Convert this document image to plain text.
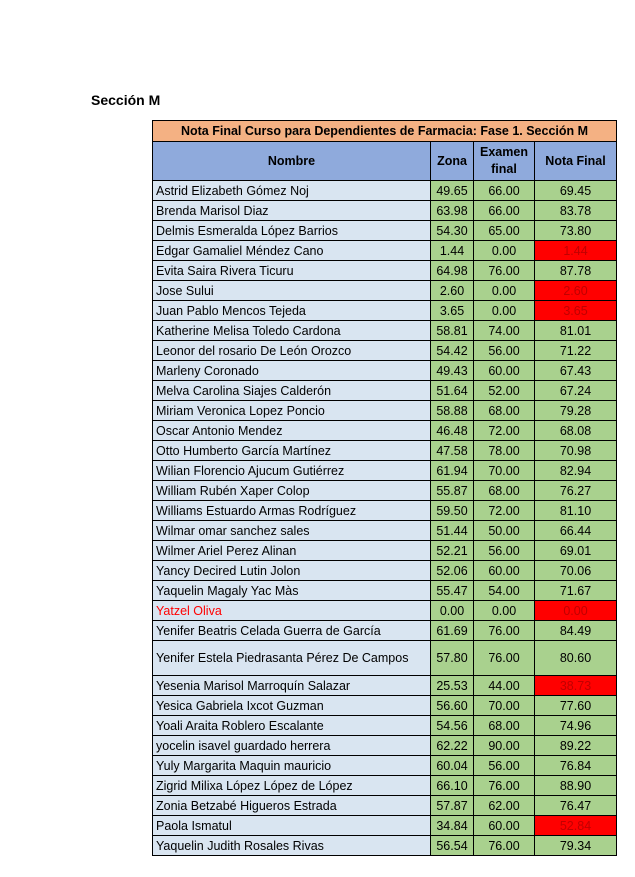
Sección M
Nota Final Curso para Dependientes de Farmacia: Fase 1. Sección M			
Nombre	Zona	Examen final	Nota Final
Astrid Elizabeth Gómez Noj	49.65	66.00	69.45
Brenda Marisol Diaz	63.98	66.00	83.78
Delmis Esmeralda López Barrios	54.30	65.00	73.80
Edgar Gamaliel Méndez Cano	1.44	0.00	1.44
Evita Saira Rivera Ticuru	64.98	76.00	87.78
Jose Sului	2.60	0.00	2.60
Juan Pablo Mencos Tejeda	3.65	0.00	3.65
Katherine Melisa Toledo Cardona	58.81	74.00	81.01
Leonor del rosario De León Orozco	54.42	56.00	71.22
Marleny Coronado	49.43	60.00	67.43
Melva Carolina Siajes Calderón	51.64	52.00	67.24
Miriam Veronica Lopez Poncio	58.88	68.00	79.28
Oscar Antonio Mendez	46.48	72.00	68.08
Otto Humberto García Martínez	47.58	78.00	70.98
Wilian Florencio Ajucum Gutiérrez	61.94	70.00	82.94
William Rubén Xaper Colop	55.87	68.00	76.27
Williams Estuardo Armas Rodríguez	59.50	72.00	81.10
Wilmar omar sanchez sales	51.44	50.00	66.44
Wilmer Ariel Perez Alinan	52.21	56.00	69.01
Yancy Decired Lutin Jolon	52.06	60.00	70.06
Yaquelin Magaly Yac Màs	55.47	54.00	71.67
Yatzel Oliva	0.00	0.00	0.00
Yenifer Beatris Celada Guerra de García	61.69	76.00	84.49
Yenifer Estela Piedrasanta Pérez De Campos	57.80	76.00	80.60
Yesenia Marisol Marroquín Salazar	25.53	44.00	38.73
Yesica Gabriela Ixcot Guzman	56.60	70.00	77.60
Yoali Araita Roblero Escalante	54.56	68.00	74.96
yocelin isavel guardado herrera	62.22	90.00	89.22
Yuly Margarita Maquin mauricio	60.04	56.00	76.84
Zigrid Milixa López López de López	66.10	76.00	88.90
Zonia Betzabé Higueros Estrada	57.87	62.00	76.47
Paola Ismatul	34.84	60.00	52.84
Yaquelin Judith Rosales Rivas	56.54	76.00	79.34
